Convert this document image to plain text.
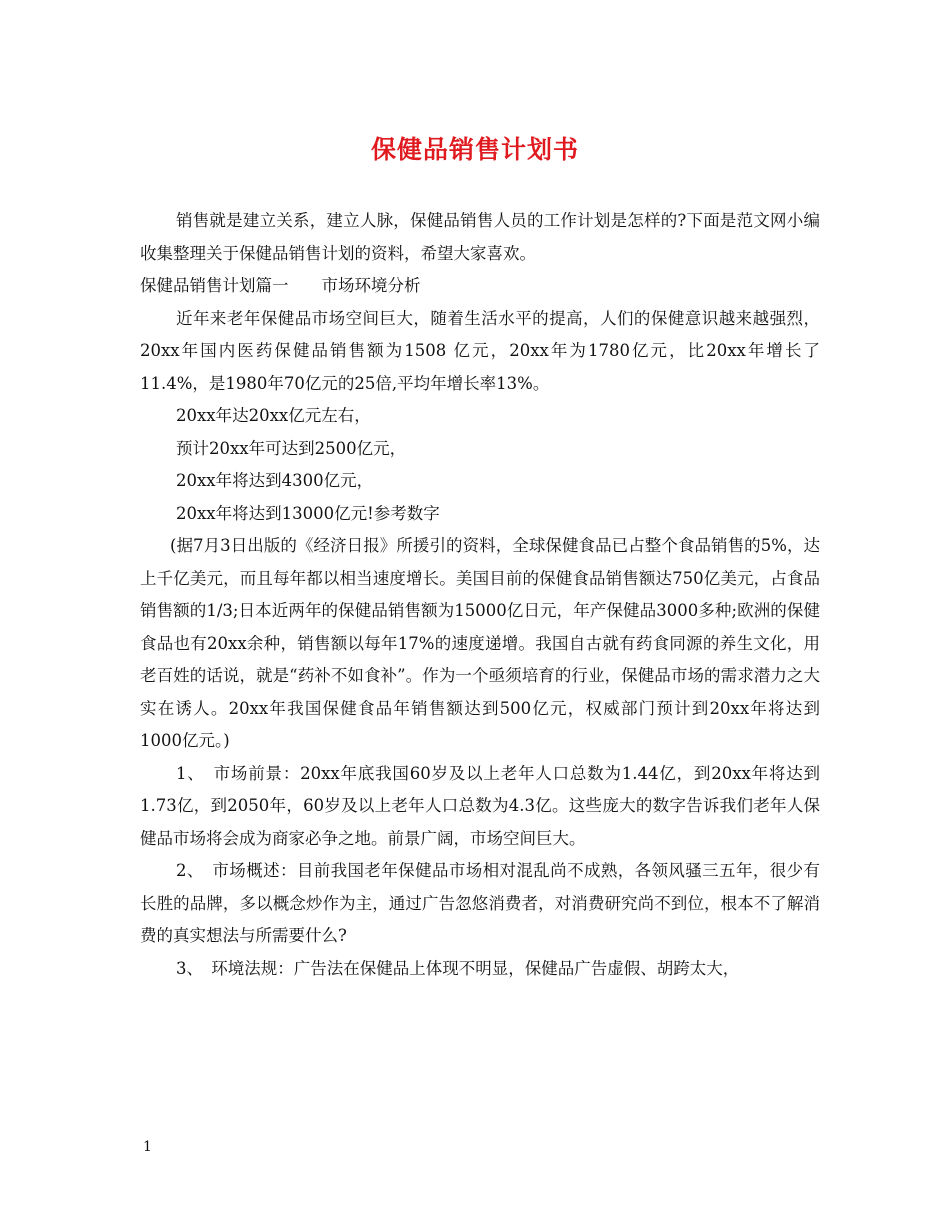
保健品销售计划书

销售就是建立关系，建立人脉，保健品销售人员的工作计划是怎样的?下面是范文网小编收集整理关于保健品销售计划的资料，希望大家喜欢。

保健品销售计划篇一　　市场环境分析

近年来老年保健品市场空间巨大，随着生活水平的提高，人们的保健意识越来越强烈，20xx年国内医药保健品销售额为1508 亿元，20xx年为1780亿元，比20xx年增长了11.4%，是1980年70亿元的25倍,平均年增长率13%。

20xx年达20xx亿元左右，

预计20xx年可达到2500亿元，

20xx年将达到4300亿元，

20xx年将达到13000亿元!参考数字

(据7月3日出版的《经济日报》所援引的资料，全球保健食品已占整个食品销售的5%，达上千亿美元，而且每年都以相当速度增长。美国目前的保健食品销售额达750亿美元，占食品销售额的1/3;日本近两年的保健品销售额为15000亿日元，年产保健品3000多种;欧洲的保健食品也有20xx余种，销售额以每年17%的速度递增。我国自古就有药食同源的养生文化，用老百姓的话说，就是“药补不如食补”。作为一个亟须培育的行业，保健品市场的需求潜力之大实在诱人。20xx年我国保健食品年销售额达到500亿元，权威部门预计到20xx年将达到1000亿元。)

1、　市场前景：20xx年底我国60岁及以上老年人口总数为1.44亿，到20xx年将达到1.73亿，到2050年，60岁及以上老年人口总数为4.3亿。这些庞大的数字告诉我们老年人保健品市场将会成为商家必争之地。前景广阔，市场空间巨大。

2、　市场概述：目前我国老年保健品市场相对混乱尚不成熟，各领风骚三五年，很少有长胜的品牌，多以概念炒作为主，通过广告忽悠消费者，对消费研究尚不到位，根本不了解消费的真实想法与所需要什么?

3、　环境法规：广告法在保健品上体现不明显，保健品广告虚假、胡跨太大，

1
